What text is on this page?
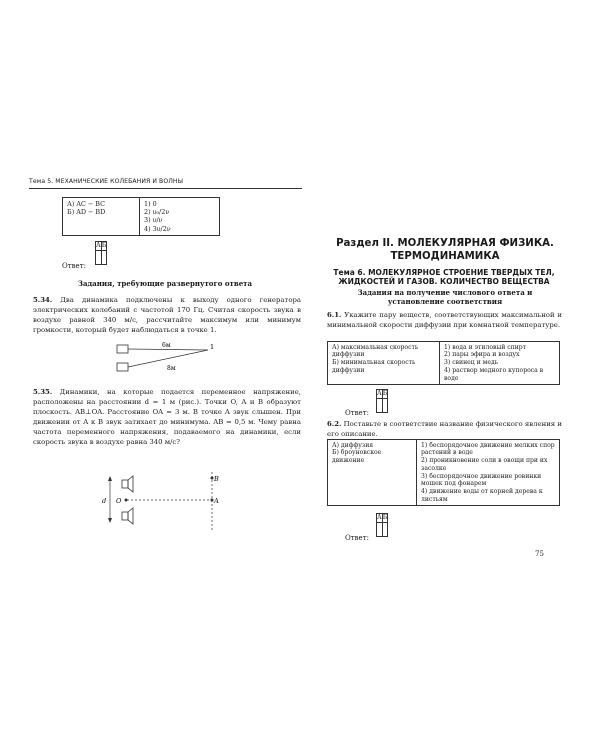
Тема 5. МЕХАНИЧЕСКИЕ КОЛЕБАНИЯ И ВОЛНЫ
А) AC − BC
Б) AD − BD

1) 0
2) υ₀/2ν
3) υ/ν
4) 3υ/2ν
Ответ:
А	Б

Задания, требующие развернутого ответа
5.34. Два динамика подключены к выходу одного генератора электрических колебаний с частотой 170 Гц. Считая скорость звука в воздухе равной 340 м/с, рассчитайте максимум или минимум громкости, который будет наблюдаться в точке 1.
6м
8м
1
5.35. Динамики, на которые подается переменное напряжение, расположены на расстоянии d = 1 м (рис.). Точки O, A и B образуют плоскость. AB⊥OA. Расстояние OA = 3 м. В точке A звук слышен. При движении от A к B звук затихает до минимума. AB = 0,5 м. Чему равна частота переменного напряжения, подаваемого на динамики, если скорость звука в воздухе равна 340 м/с?
d O	A
B
Раздел II. МОЛЕКУЛЯРНАЯ ФИЗИКА. ТЕРМОДИНАМИКА
Тема 6. МОЛЕКУЛЯРНОЕ СТРОЕНИЕ ТВЕРДЫХ ТЕЛ, ЖИДКОСТЕЙ И ГАЗОВ. КОЛИЧЕСТВО ВЕЩЕСТВА
Задания на получение числового ответа и установление соответствия
6.1. Укажите пару веществ, соответствующих максимальной и минимальной скорости диффузии при комнатной температуре.
А) максимальная скорость диффузии
Б) минимальная скорость диффузии

1) вода и этиловый спирт
2) пары эфира и воздух
3) свинец и медь
4) раствор медного купороса в воде
Ответ:
А	Б

6.2. Поставьте в соответствие название физического явления и его описание.
А) диффузия
Б) броуновское движение

1) беспорядочное движение мелких спор растений в воде
2) проникновение соли в овощи при их засолке
3) беспорядочное движение ровинки мошек под фонарем
4) движение воды от корней дерева к листьям
Ответ:
А	Б

75
